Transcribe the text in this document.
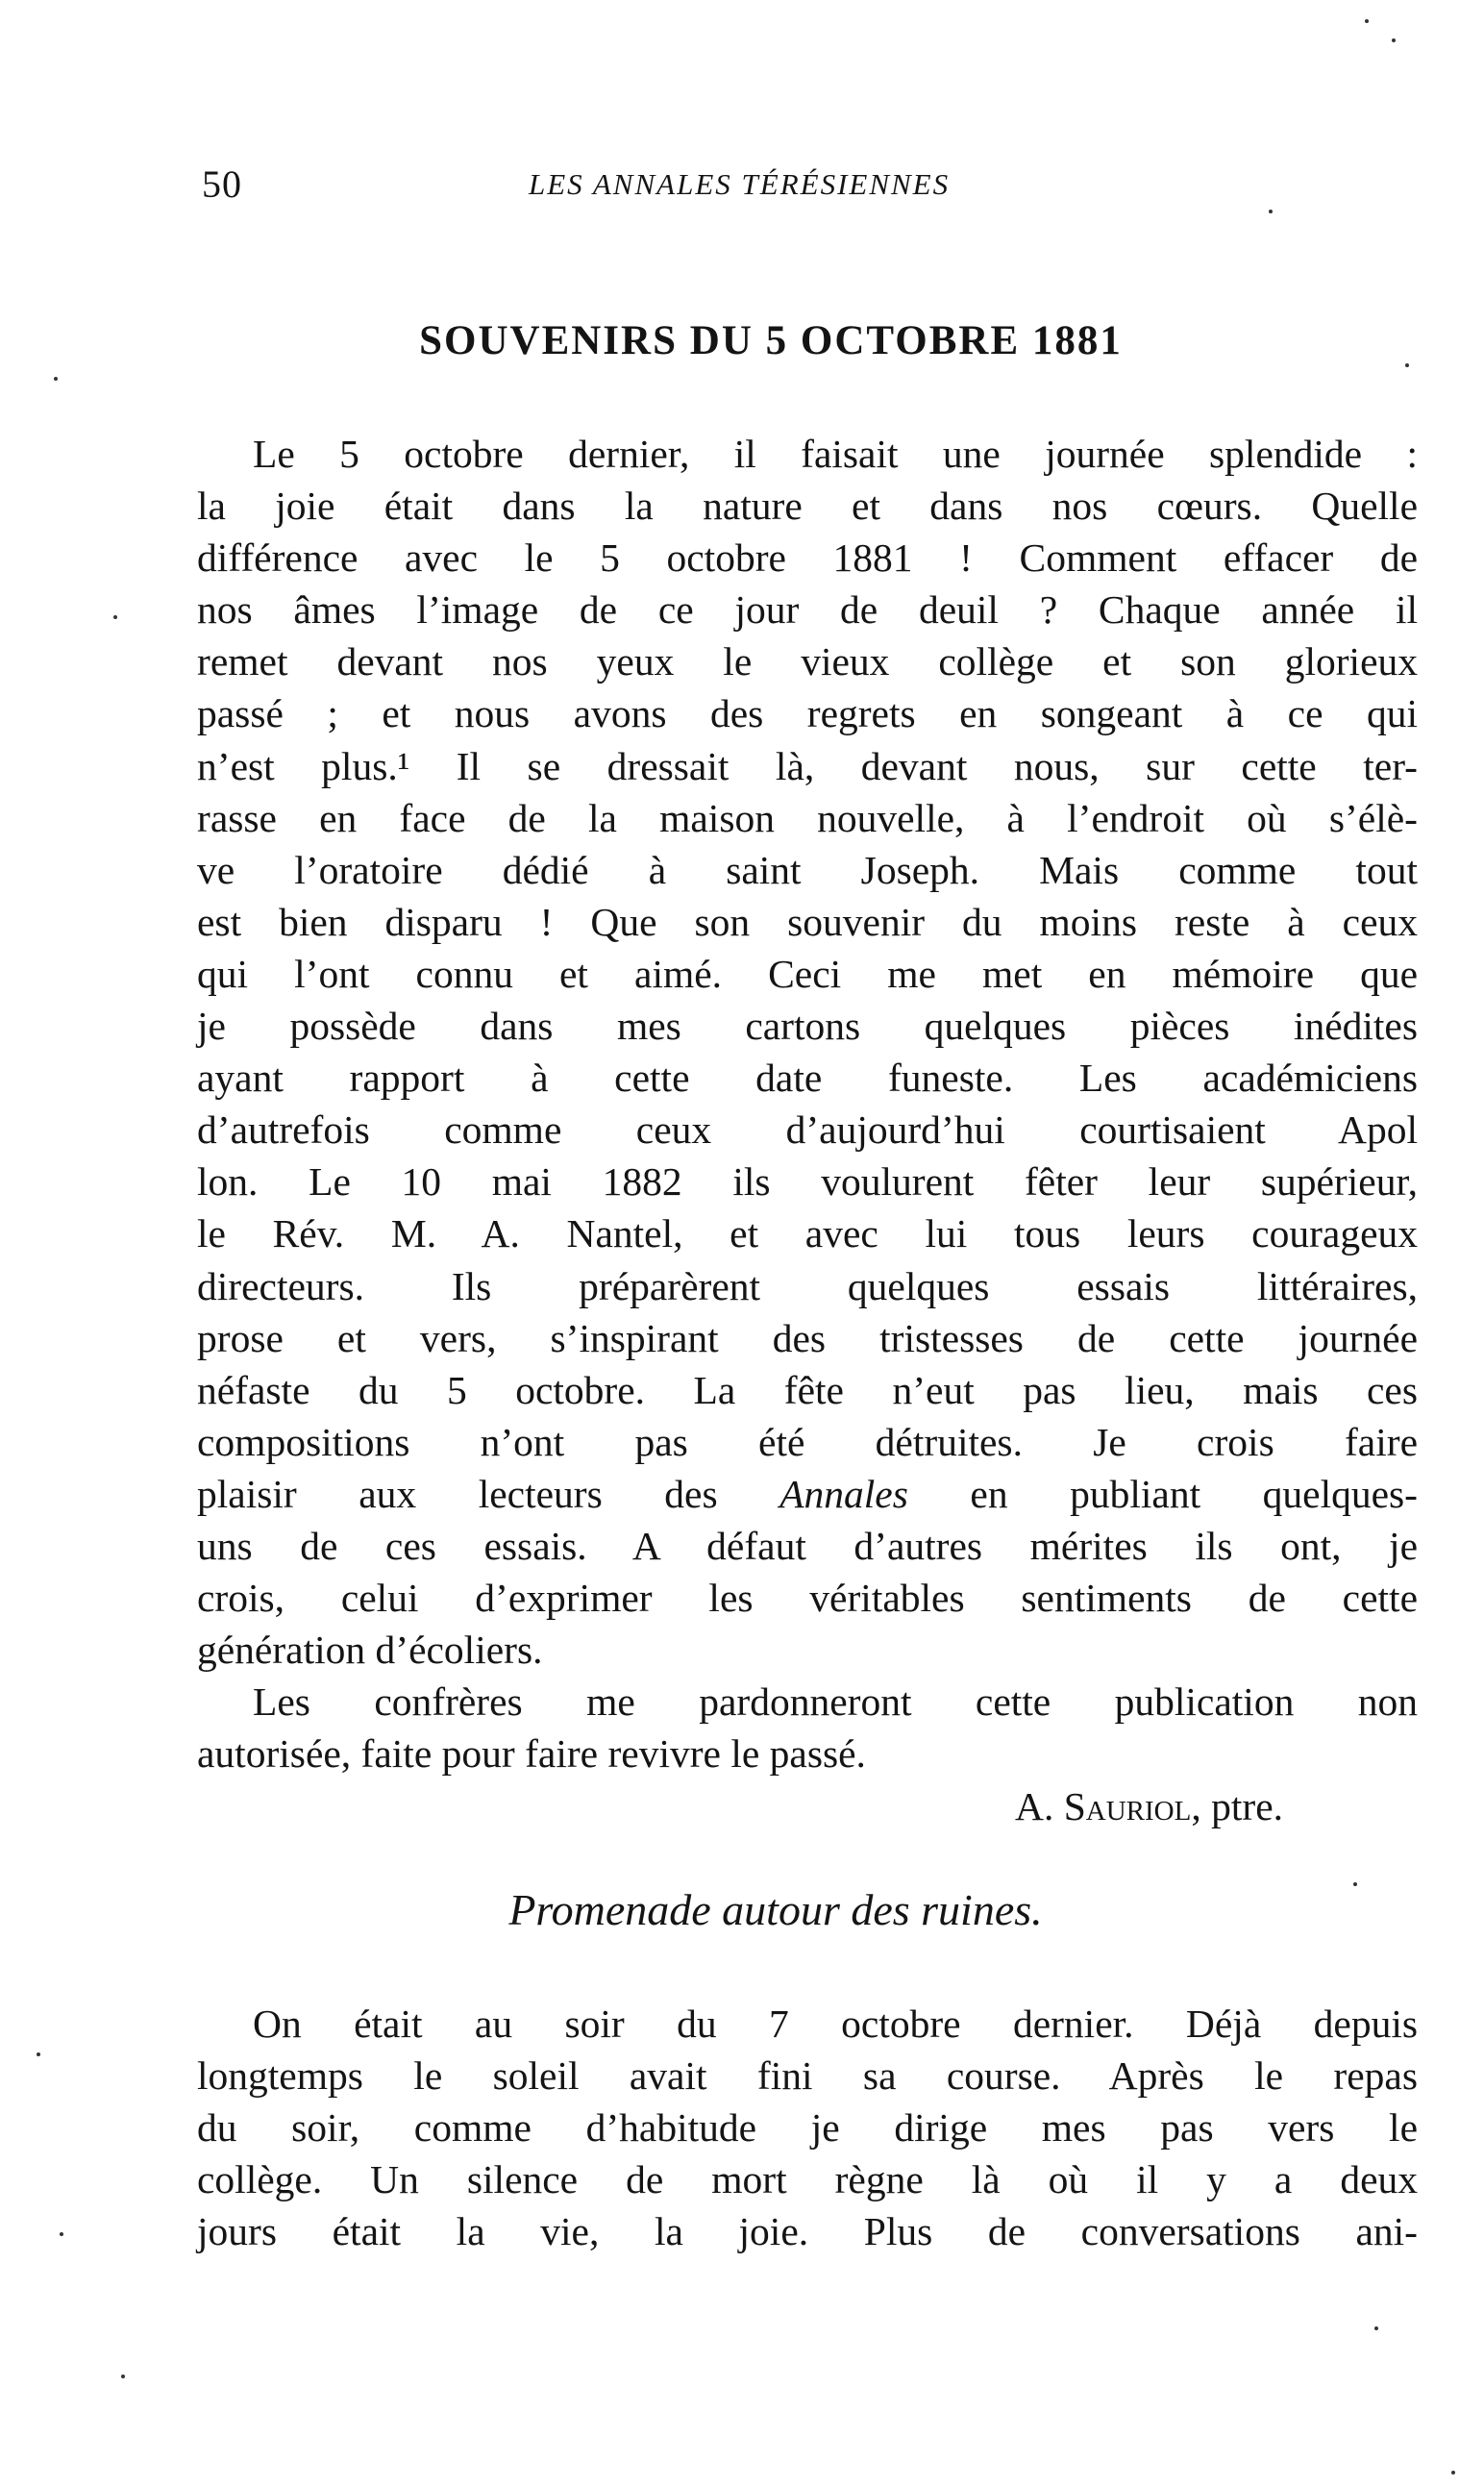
50	LES ANNALES TÉRÉSIENNES
SOUVENIRS DU 5 OCTOBRE 1881
Le 5 octobre dernier, il faisait une journée splendide :
la joie était dans la nature et dans nos cœurs. Quelle
différence avec le 5 octobre 1881 ! Comment effacer de
nos âmes l’image de ce jour de deuil ? Chaque année il
remet devant nos yeux le vieux collège et son glorieux
passé ; et nous avons des regrets en songeant à ce qui
n’est plus.¹ Il se dressait là, devant nous, sur cette ter-
rasse en face de la maison nouvelle, à l’endroit où s’élè-
ve l’oratoire dédié à saint Joseph. Mais comme tout
est bien disparu ! Que son souvenir du moins reste à ceux
qui l’ont connu et aimé. Ceci me met en mémoire que
je possède dans mes cartons quelques pièces inédites
ayant rapport à cette date funeste. Les académiciens
d’autrefois comme ceux d’aujourd’hui courtisaient Apol
lon. Le 10 mai 1882 ils voulurent fêter leur supérieur,
le Rév. M. A. Nantel, et avec lui tous leurs courageux
directeurs. Ils préparèrent quelques essais littéraires,
prose et vers, s’inspirant des tristesses de cette journée
néfaste du 5 octobre. La fête n’eut pas lieu, mais ces
compositions n’ont pas été détruites. Je crois faire
plaisir aux lecteurs des Annales en publiant quelques-
uns de ces essais. A défaut d’autres mérites ils ont, je
crois, celui d’exprimer les véritables sentiments de cette
génération d’écoliers.
Les confrères me pardonneront cette publication non
autorisée, faite pour faire revivre le passé.
A. Sauriol, ptre.
Promenade autour des ruines.
On était au soir du 7 octobre dernier. Déjà depuis
longtemps le soleil avait fini sa course. Après le repas
du soir, comme d’habitude je dirige mes pas vers le
collège. Un silence de mort règne là où il y a deux
jours était la vie, la joie. Plus de conversations ani-
